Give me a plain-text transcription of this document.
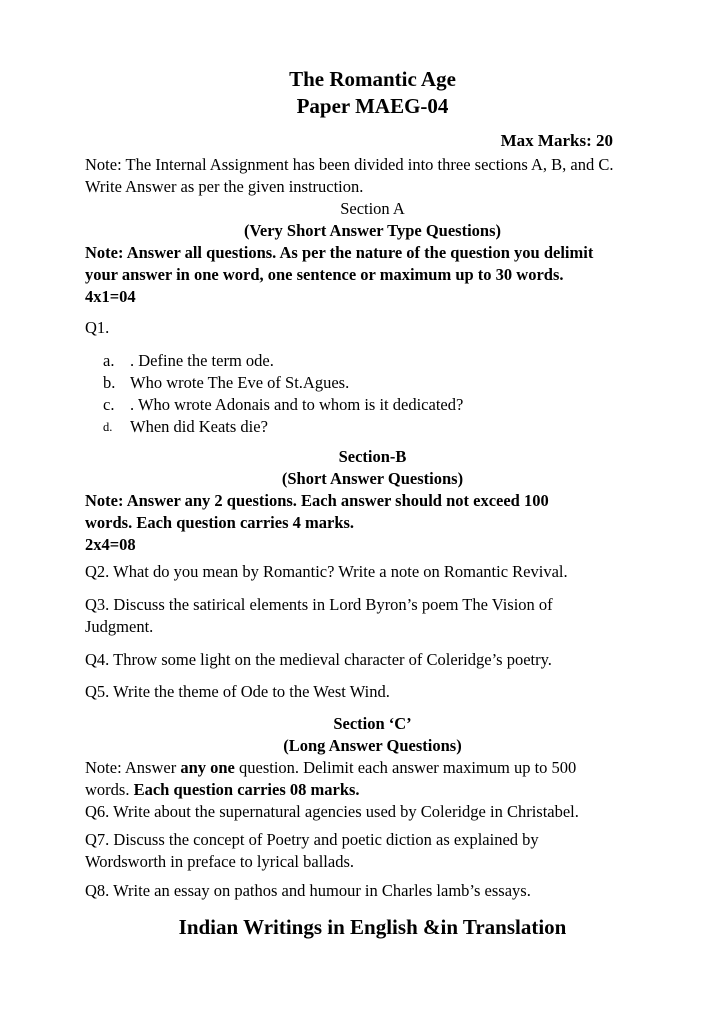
The Romantic Age
Paper MAEG-04
Max Marks: 20

Note: The Internal Assignment has been divided into three sections A, B, and C.
Write Answer as per the given instruction.

Section A

(Very Short Answer Type Questions)

Note: Answer all questions. As per the nature of the question you delimit
your answer in one word, one sentence or maximum up to 30 words.
4x1=04

Q1.

a. . Define the term ode.
b. Who wrote The Eve of St.Agues.
c. . Who wrote Adonais and to whom is it dedicated?
d.	When did Keats die?

Section-B

(Short Answer Questions)

Note: Answer any 2 questions. Each answer should not exceed 100
words. Each question carries 4 marks.
2x4=08

Q2. What do you mean by Romantic? Write a note on Romantic Revival.

Q3. Discuss the satirical elements in Lord Byron’s poem The Vision of
Judgment.

Q4. Throw some light on the medieval character of Coleridge’s poetry.

Q5. Write the theme of Ode to the West Wind.

Section ‘C’

(Long Answer Questions)

Note: Answer any one question. Delimit each answer maximum up to 500
words. Each question carries 08 marks.

Q6. Write about the supernatural agencies used by Coleridge in Christabel.

Q7. Discuss the concept of Poetry and poetic diction as explained by
Wordsworth in preface to lyrical ballads.

Q8. Write an essay on pathos and humour in Charles lamb’s essays.

Indian Writings in English &in Translation
